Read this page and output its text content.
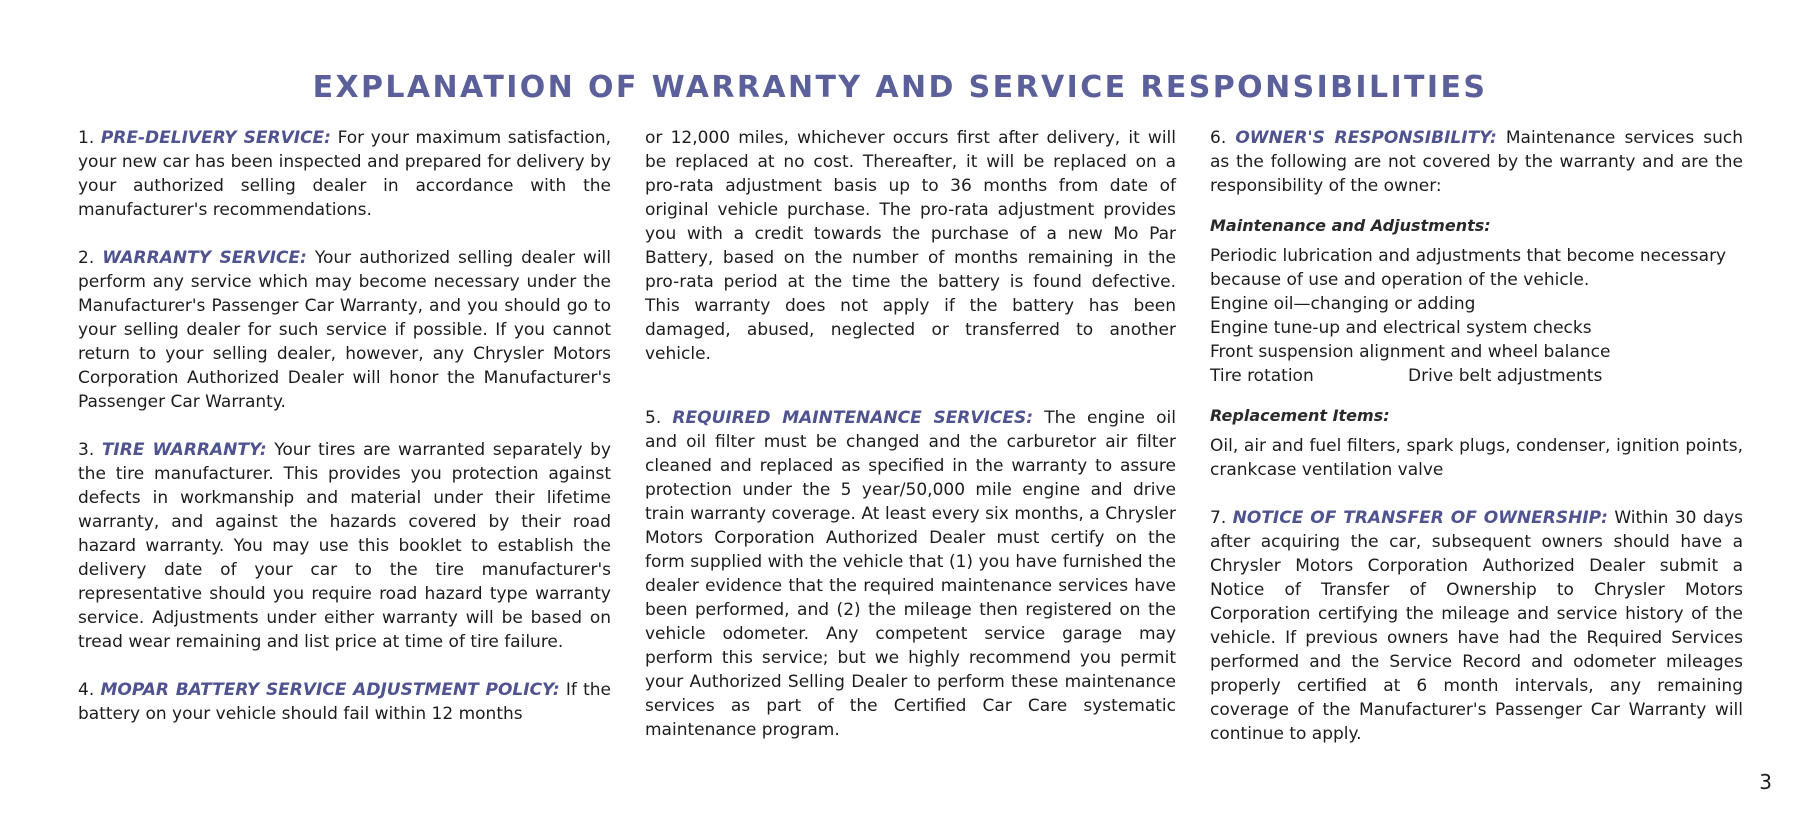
EXPLANATION OF WARRANTY AND SERVICE RESPONSIBILITIES

1. PRE-DELIVERY SERVICE: For your maximum satisfaction, your new car has been inspected and prepared for delivery by your authorized selling dealer in accordance with the manufacturer's recommendations.

2. WARRANTY SERVICE: Your authorized selling dealer will perform any service which may become necessary under the Manufacturer's Passenger Car Warranty, and you should go to your selling dealer for such service if possible. If you cannot return to your selling dealer, however, any Chrysler Motors Corporation Authorized Dealer will honor the Manufacturer's Passenger Car Warranty.

3. TIRE WARRANTY: Your tires are warranted separately by the tire manufacturer. This provides you protection against defects in workmanship and material under their lifetime warranty, and against the hazards covered by their road hazard warranty. You may use this booklet to establish the delivery date of your car to the tire manufacturer's representative should you require road hazard type warranty service. Adjustments under either warranty will be based on tread wear remaining and list price at time of tire failure.

4. MOPAR BATTERY SERVICE ADJUSTMENT POLICY: If the battery on your vehicle should fail within 12 months

or 12,000 miles, whichever occurs first after delivery, it will be replaced at no cost. Thereafter, it will be replaced on a pro-rata adjustment basis up to 36 months from date of original vehicle purchase. The pro-rata adjustment provides you with a credit towards the purchase of a new Mo Par Battery, based on the number of months remaining in the pro-rata period at the time the battery is found defective. This warranty does not apply if the battery has been damaged, abused, neglected or transferred to another vehicle.

5. REQUIRED MAINTENANCE SERVICES: The engine oil and oil filter must be changed and the carburetor air filter cleaned and replaced as specified in the warranty to assure protection under the 5 year/50,000 mile engine and drive train warranty coverage. At least every six months, a Chrysler Motors Corporation Authorized Dealer must certify on the form supplied with the vehicle that (1) you have furnished the dealer evidence that the required maintenance services have been performed, and (2) the mileage then registered on the vehicle odometer. Any competent service garage may perform this service; but we highly recommend you permit your Authorized Selling Dealer to perform these maintenance services as part of the Certified Car Care systematic maintenance program.

6. OWNER'S RESPONSIBILITY: Maintenance services such as the following are not covered by the warranty and are the responsibility of the owner:

Maintenance and Adjustments:

Periodic lubrication and adjustments that become necessary because of use and operation of the vehicle.

Engine oil—changing or adding
Engine tune-up and electrical system checks
Front suspension alignment and wheel balance
Tire rotation	Drive belt adjustments
Replacement Items:

Oil, air and fuel filters, spark plugs, condenser, ignition points, crankcase ventilation valve

7. NOTICE OF TRANSFER OF OWNERSHIP: Within 30 days after acquiring the car, subsequent owners should have a Chrysler Motors Corporation Authorized Dealer submit a Notice of Transfer of Ownership to Chrysler Motors Corporation certifying the mileage and service history of the vehicle. If previous owners have had the Required Services performed and the Service Record and odometer mileages properly certified at 6 month intervals, any remaining coverage of the Manufacturer's Passenger Car Warranty will continue to apply.

3
